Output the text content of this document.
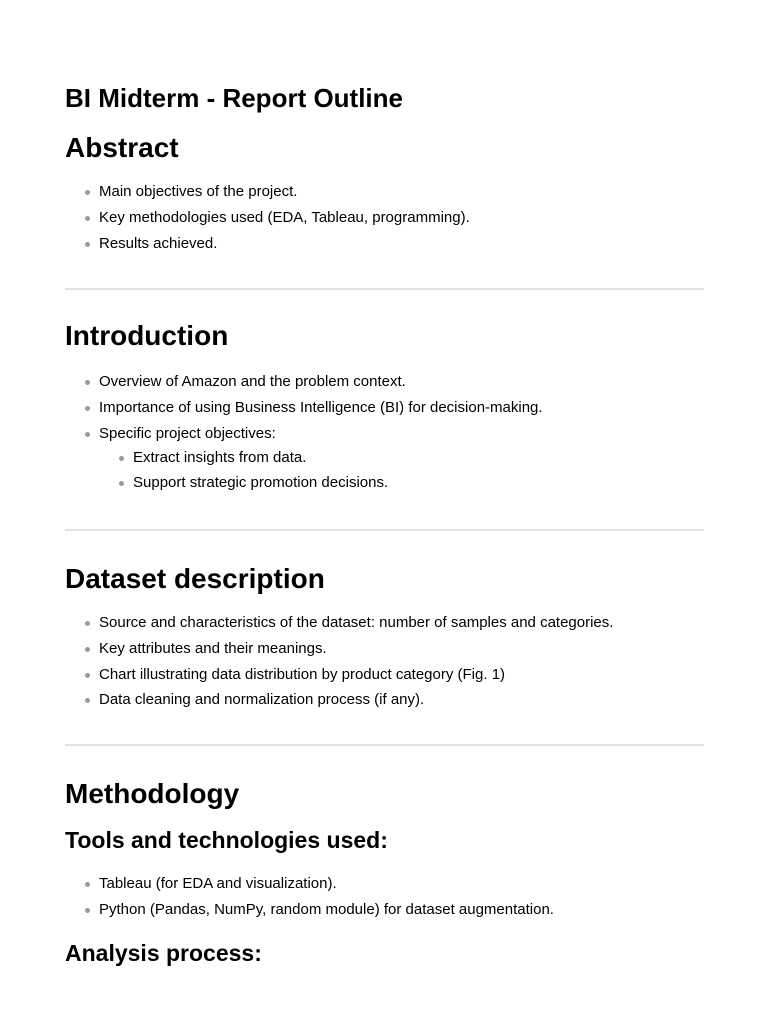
BI Midterm - Report Outline
Abstract
Main objectives of the project.
Key methodologies used (EDA, Tableau, programming).
Results achieved.
Introduction
Overview of Amazon and the problem context.
Importance of using Business Intelligence (BI) for decision-making.
Specific project objectives:
Extract insights from data.
Support strategic promotion decisions.
Dataset description
Source and characteristics of the dataset: number of samples and categories.
Key attributes and their meanings.
Chart illustrating data distribution by product category (Fig. 1)
Data cleaning and normalization process (if any).
Methodology
Tools and technologies used:
Tableau (for EDA and visualization).
Python (Pandas, NumPy, random module) for dataset augmentation.
Analysis process:
